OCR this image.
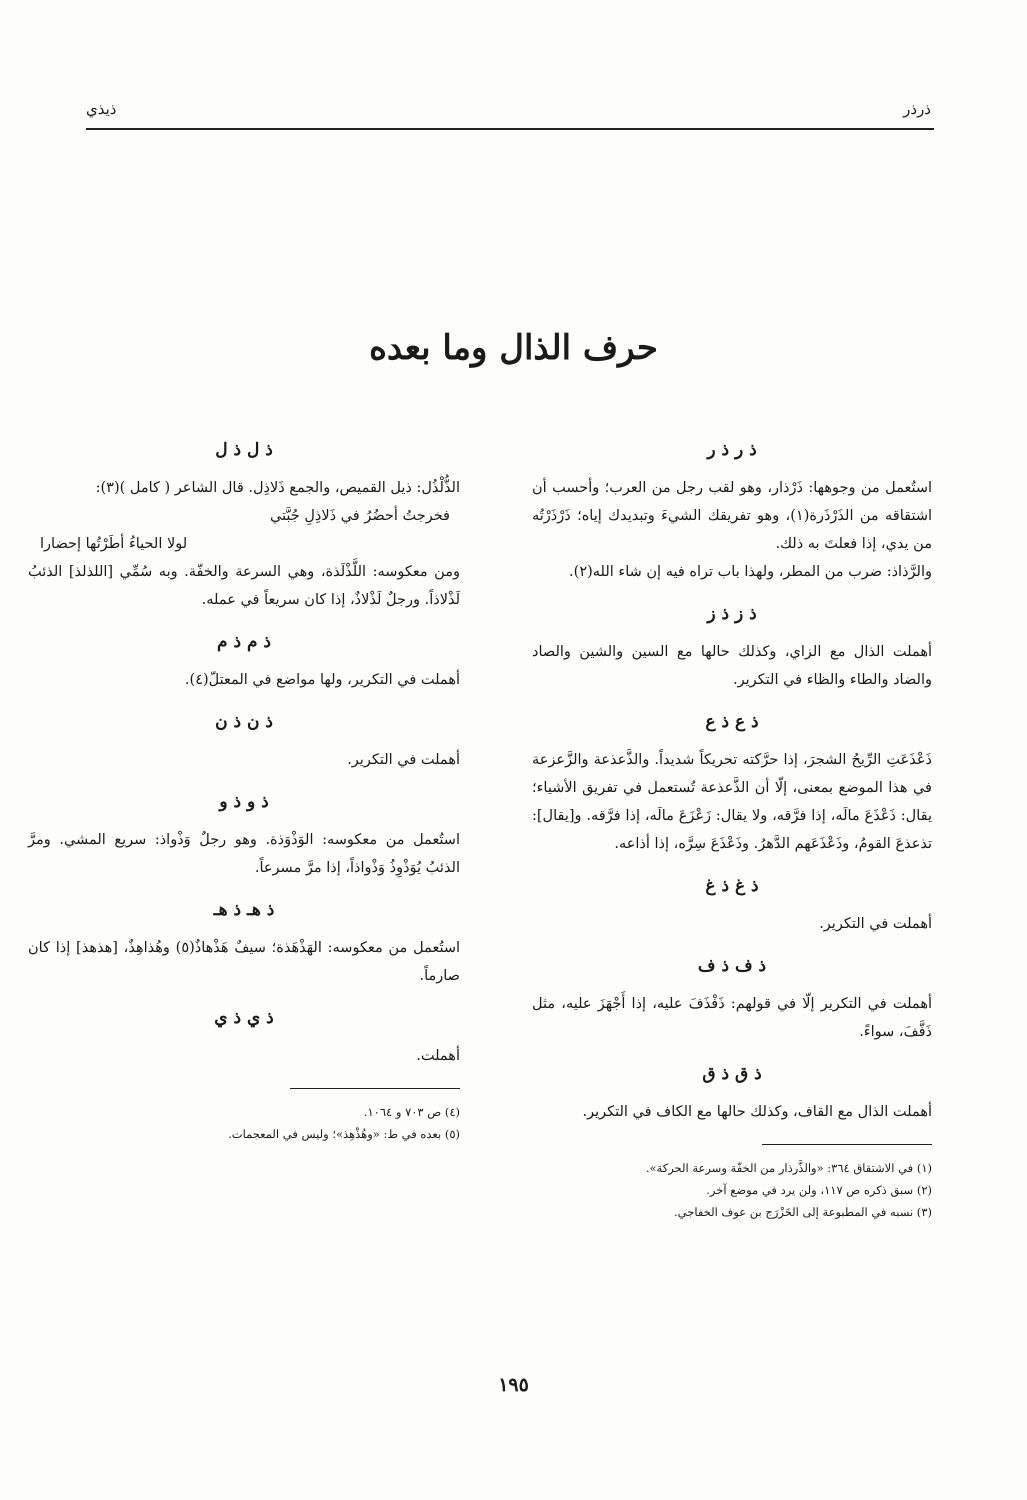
ذرذر
ذيذي
حرف الذال وما بعده
ذ ر ذ ر
استُعمل من وجوهها: ذَرْذار، وهو لقب رجل من العرب؛ وأحسب أن اشتقاقه من الذَرْذَرة(١)، وهو تفريقك الشيءَ وتبديدك إياه؛ ذَرْذَرْتُه من يدي، إذا فعلتَ به ذلك.
والرَّذاذ: ضرب من المطر، ولهذا باب تراه فيه إن شاء الله(٢).
ذ ز ذ ز
أهملت الذال مع الزاي، وكذلك حالها مع السين والشين والصاد والضاد والطاء والظاء في التكرير.
ذ ع ذ ع
ذَعْذَعَتِ الرِّيحُ الشجرَ، إذا حرَّكته تحريكاً شديداً. والذَّعذعة والزَّعزعة في هذا الموضع بمعنى، إلّا أن الذَّعذعة تُستعمل في تفريق الأشياء؛ يقال: ذَعْذَعَ مالَه، إذا فرَّقه، ولا يقال: زَعْزَعَ مالَه، إذا فرَّقه. و[يقال]: تذعذعَ القومُ، وذَعْذَعَهم الدَّهرُ. وذَعْذَعَ سِرَّه، إذا أذاعه.
ذ غ ذ غ
أهملت في التكرير.
ذ ف ذ ف
أهملت في التكرير إلّا في قولهم: ذَفْذَفَ عليه، إذا أَجْهَزَ عليه، مثل ذَفَّفَ، سواءً.
ذ ق ذ ق
أهملت الذال مع القاف، وكذلك حالها مع الكاف في التكرير.
(١) في الاشتقاق ٣٦٤: «والذَّرذار من الخفّة وسرعة الحركة».
(٢) سبق ذكره ص ١١٧، ولن يرد في موضع آخر.
(٣) نسبه في المطبوعة إلى الخَزْرَج بن عوف الخفاجي.
ذ ل ذ ل
الذُّلْذُل: ذيل القميص، والجمع ذَلاذِل. قال الشاعر ( كامل )(٣):
فخرجتُ أحضُرُ في ذَلاذِلِ جُبَّتي
لولا الحياءُ أطَرْتُها إحضارا
ومن معكوسه: اللَّذْلَذة، وهي السرعة والخفّة. وبه سُمِّي [اللذلذ] الذئبُ لَذْلاذاً. ورجلٌ لَذْلاذٌ، إذا كان سريعاً في عمله.
ذ م ذ م
أهملت في التكرير، ولها مواضع في المعتلّ(٤).
ذ ن ذ ن
أهملت في التكرير.
ذ و ذ و
استُعمل من معكوسه: الوَذْوَذة. وهو رجلٌ وَذْواذ: سريع المشي. ومرَّ الذئبُ يُوَذْوِذُ وَذْواذاً، إذا مرَّ مسرعاً.
ذ هـ ذ هـ
استُعمل من معكوسه: الهَذْهَذة؛ سيفٌ هَذْهاذٌ(٥) وهُذاهِذٌ، [هذهذ] إذا كان صارماً.
ذ ي ذ ي
أهملت.
(٤) ص ٧٠٣ و ١٠٦٤.
(٥) بعده في ط: «وهُذْهِذ»؛ وليس في المعجمات.
١٩٥
